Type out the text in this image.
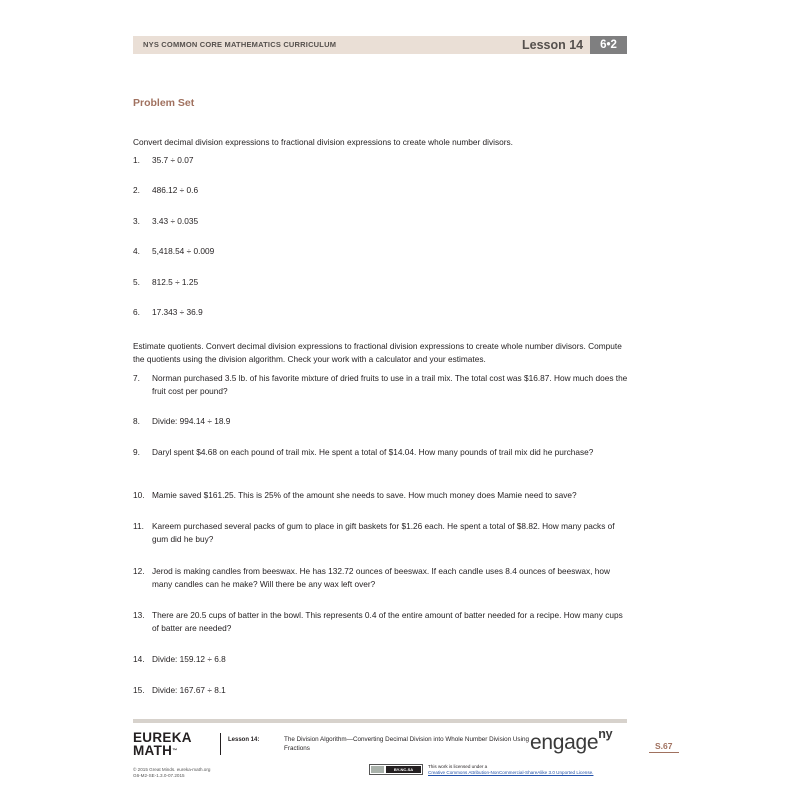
NYS COMMON CORE MATHEMATICS CURRICULUM	Lesson 14	6•2
Problem Set
Convert decimal division expressions to fractional division expressions to create whole number divisors.
1. 35.7 ÷ 0.07
2. 486.12 ÷ 0.6
3. 3.43 ÷ 0.035
4. 5,418.54 ÷ 0.009
5. 812.5 ÷ 1.25
6. 17.343 ÷ 36.9
Estimate quotients. Convert decimal division expressions to fractional division expressions to create whole number divisors. Compute the quotients using the division algorithm. Check your work with a calculator and your estimates.
7. Norman purchased 3.5 lb. of his favorite mixture of dried fruits to use in a trail mix. The total cost was $16.87. How much does the fruit cost per pound?
8. Divide: 994.14 ÷ 18.9
9. Daryl spent $4.68 on each pound of trail mix. He spent a total of $14.04. How many pounds of trail mix did he purchase?
10. Mamie saved $161.25. This is 25% of the amount she needs to save. How much money does Mamie need to save?
11. Kareem purchased several packs of gum to place in gift baskets for $1.26 each. He spent a total of $8.82. How many packs of gum did he buy?
12. Jerod is making candles from beeswax. He has 132.72 ounces of beeswax. If each candle uses 8.4 ounces of beeswax, how many candles can he make? Will there be any wax left over?
13. There are 20.5 cups of batter in the bowl. This represents 0.4 of the entire amount of batter needed for a recipe. How many cups of batter are needed?
14. Divide: 159.12 ÷ 6.8
15. Divide: 167.67 ÷ 8.1
EUREKA
MATH™
Lesson 14:	The Division Algorithm—Converting Decimal Division into Whole Number Division Using Fractions	engage$^{ny}$
S.67
© 2015 Great Minds. eureka-math.org
G6-M2-SE-1.3.0-07.2015
BY-NC-SA
This work is licensed under a
Creative Commons Attribution-NonCommercial-ShareAlike 3.0 Unported License.
